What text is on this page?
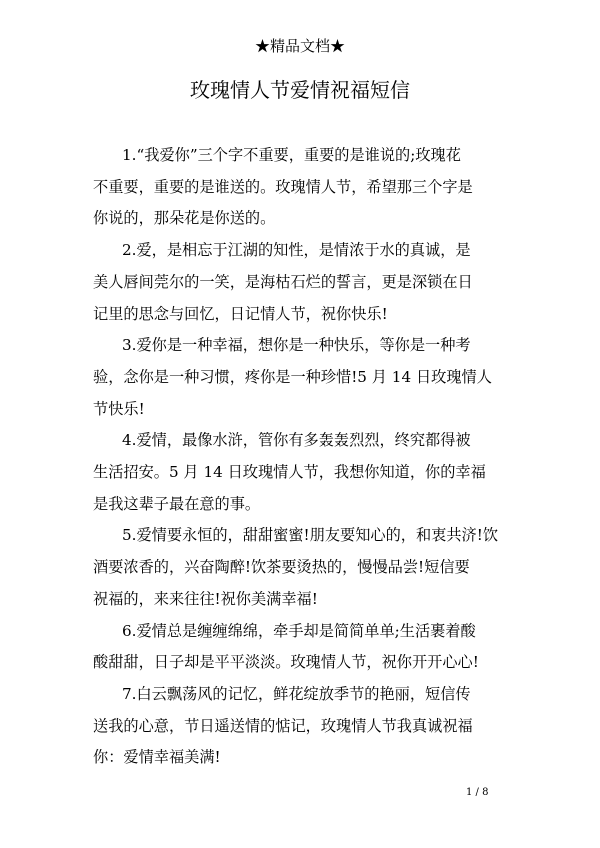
★精品文档★
玫瑰情人节爱情祝福短信

1.“我爱你”三个字不重要，重要的是谁说的;玫瑰花
不重要，重要的是谁送的。玫瑰情人节，希望那三个字是
你说的，那朵花是你送的。

2.爱，是相忘于江湖的知性，是情浓于水的真诚，是
美人唇间莞尔的一笑，是海枯石烂的誓言，更是深锁在日
记里的思念与回忆，日记情人节，祝你快乐!

3.爱你是一种幸福，想你是一种快乐，等你是一种考
验，念你是一种习惯，疼你是一种珍惜!5 月 14 日玫瑰情人
节快乐!

4.爱情，最像水浒，管你有多轰轰烈烈，终究都得被
生活招安。5 月 14 日玫瑰情人节，我想你知道，你的幸福
是我这辈子最在意的事。

5.爱情要永恒的，甜甜蜜蜜!朋友要知心的，和衷共济!饮
酒要浓香的，兴奋陶醉!饮茶要烫热的，慢慢品尝!短信要
祝福的，来来往往!祝你美满幸福!

6.爱情总是缠缠绵绵，牵手却是简简单单;生活裹着酸
酸甜甜，日子却是平平淡淡。玫瑰情人节，祝你开开心心!

7.白云飘荡风的记忆，鲜花绽放季节的艳丽，短信传
送我的心意，节日遥送情的惦记，玫瑰情人节我真诚祝福
你：爱情幸福美满!

1 / 8
